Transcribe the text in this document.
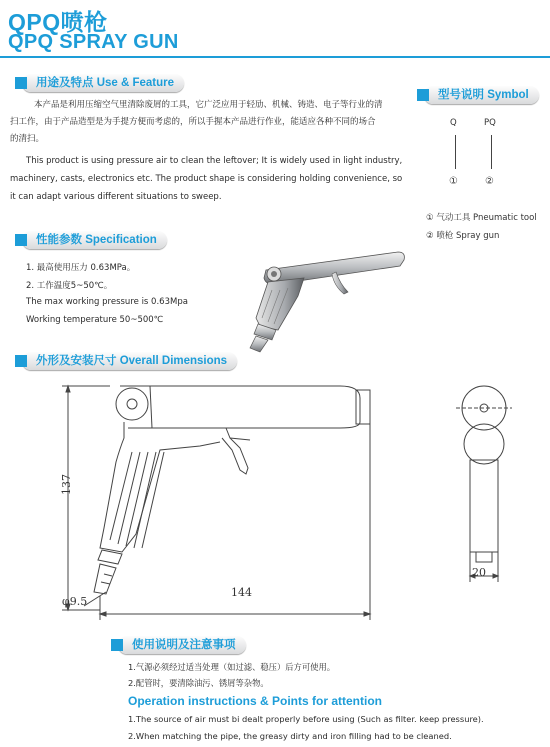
QPQ喷枪
QPQ SPRAY GUN
用途及特点 Use & Feature
本产品是利用压缩空气里清除废屑的工具，它广泛应用于轻劢、机械、铸造、电子等行业的清
扫工作，由于产品造型是为手提方便而考虑的，所以手握本产品进行作业，能适应各种不同的场合
的清扫。
This product is using pressure air to clean the leftover; It is widely used in light industry,
machinery, casts, electronics etc. The product shape is considering holding convenience, so
it can adapt various different situations to sweep.
型号说明 Symbol
Q	PQ
①	②
① 气动工具 Pneumatic tool
② 喷枪 Spray gun
性能参数 Specification
1. 最高使用压力 0.63MPa。
2. 工作温度5~50℃。
The max working pressure is 0.63Mpa
Working temperature 50~500℃
外形及安装尺寸 Overall Dimensions
137
144
φ9.5
20
使用说明及注意事项
1.气源必须经过适当处理（如过滤、稳压）后方可使用。
2.配管时，要清除油污、锈屑等杂物。
Operation instructions & Points for attention
1.The source of air must bi dealt properly before using (Such as filter. keep pressure).
2.When matching the pipe, the greasy dirty and iron filling had to be cleaned.
